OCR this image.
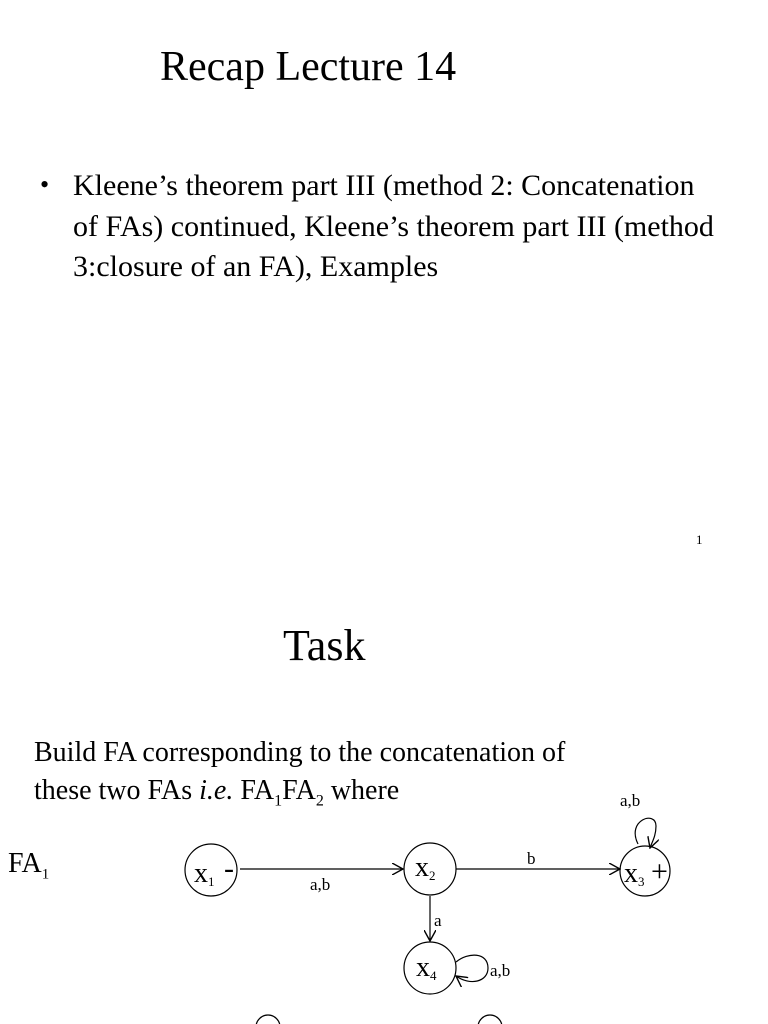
Recap Lecture 14
• Kleene’s theorem part III (method 2: Concatenation of FAs) continued, Kleene’s theorem part III (method 3:closure of an FA), Examples
1
Task
Build FA corresponding to the concatenation of
these two FAs i.e. $FA_1FA_2$ where
$FA_1$
a,b
b
a
a,b
a,b
x1 -	x2	x3 +
x4
